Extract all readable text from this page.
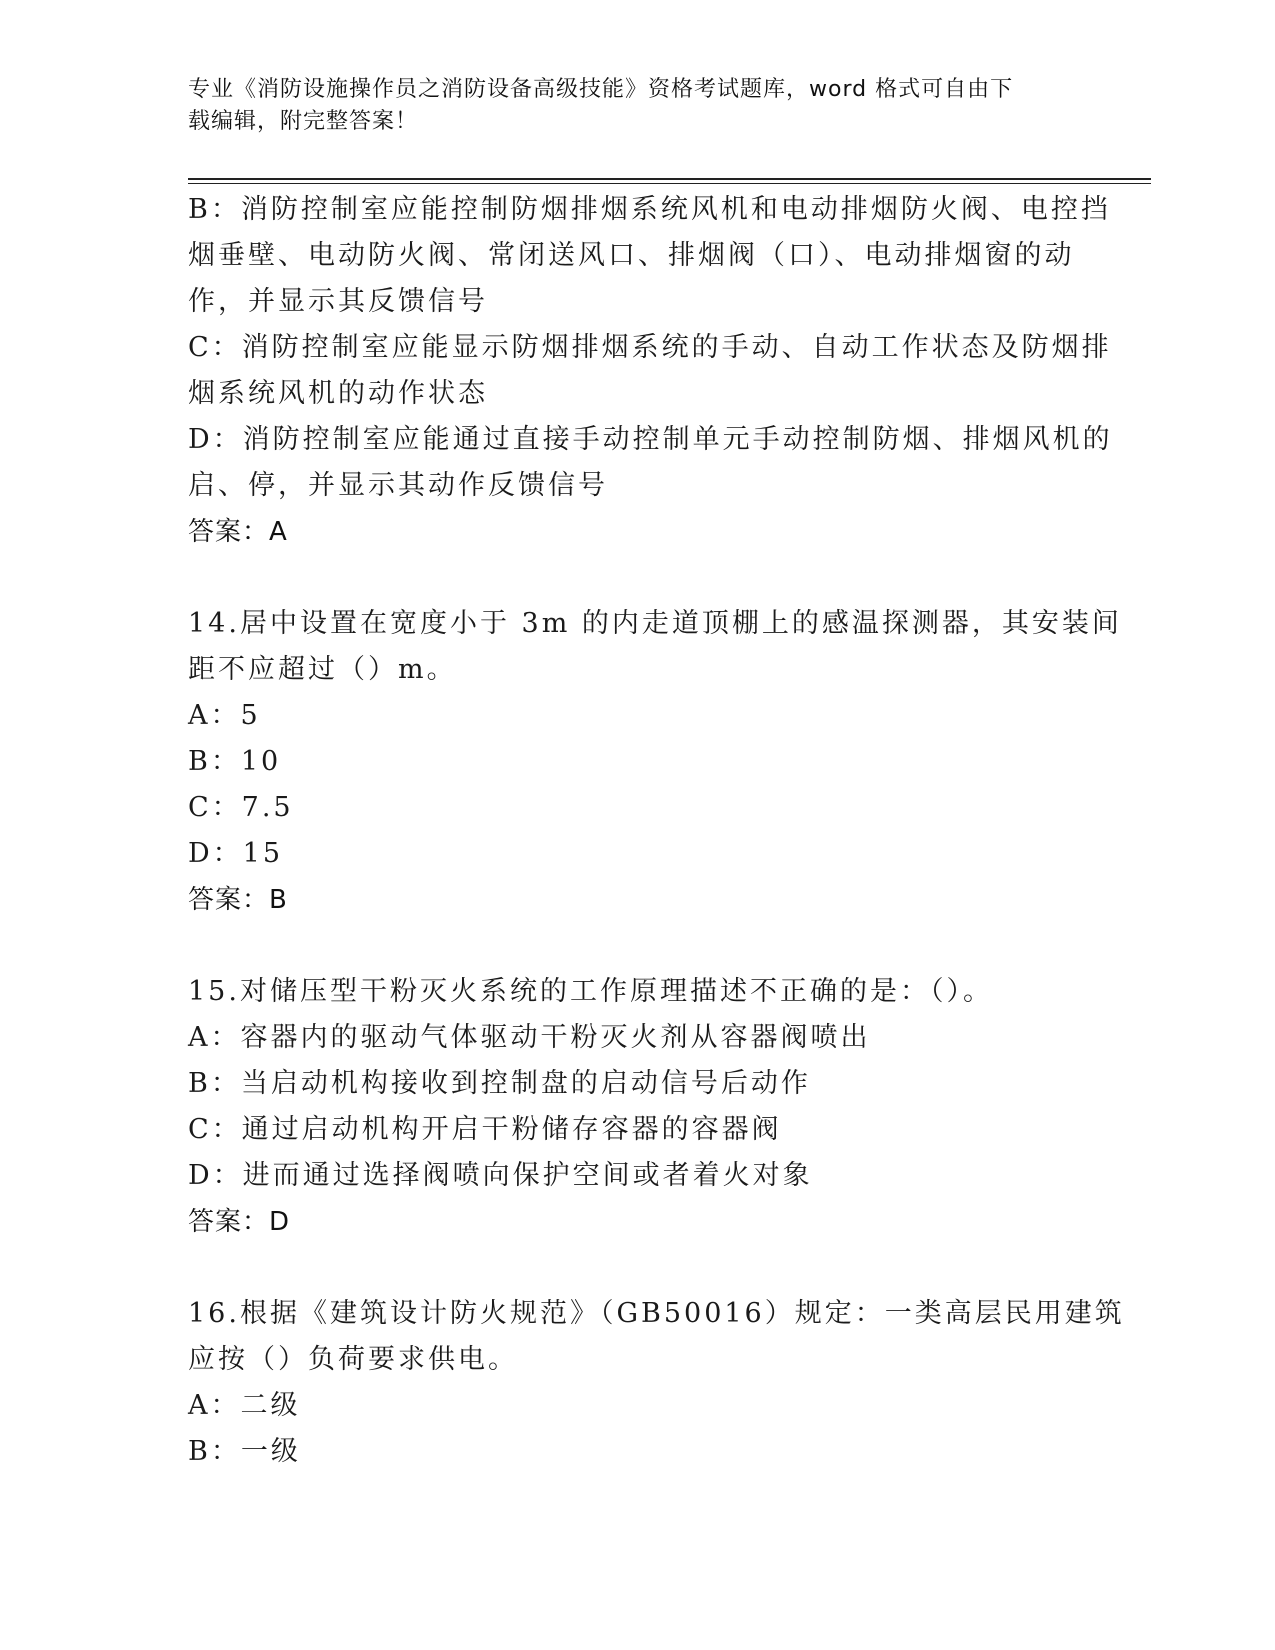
专业《消防设施操作员之消防设备高级技能》资格考试题库，word 格式可自由下
载编辑，附完整答案！
B：消防控制室应能控制防烟排烟系统风机和电动排烟防火阀、电控挡
烟垂壁、电动防火阀、常闭送风口、排烟阀（口）、电动排烟窗的动
作，并显示其反馈信号
C：消防控制室应能显示防烟排烟系统的手动、自动工作状态及防烟排
烟系统风机的动作状态
D：消防控制室应能通过直接手动控制单元手动控制防烟、排烟风机的
启、停，并显示其动作反馈信号
答案：A
14.居中设置在宽度小于 3m 的内走道顶棚上的感温探测器，其安装间
距不应超过（）m。
A：5
B：10
C：7.5
D：15
答案：B
15.对储压型干粉灭火系统的工作原理描述不正确的是：（）。
A：容器内的驱动气体驱动干粉灭火剂从容器阀喷出
B：当启动机构接收到控制盘的启动信号后动作
C：通过启动机构开启干粉储存容器的容器阀
D：进而通过选择阀喷向保护空间或者着火对象
答案：D
16.根据《建筑设计防火规范》（GB50016）规定：一类高层民用建筑
应按（）负荷要求供电。
A：二级
B：一级
